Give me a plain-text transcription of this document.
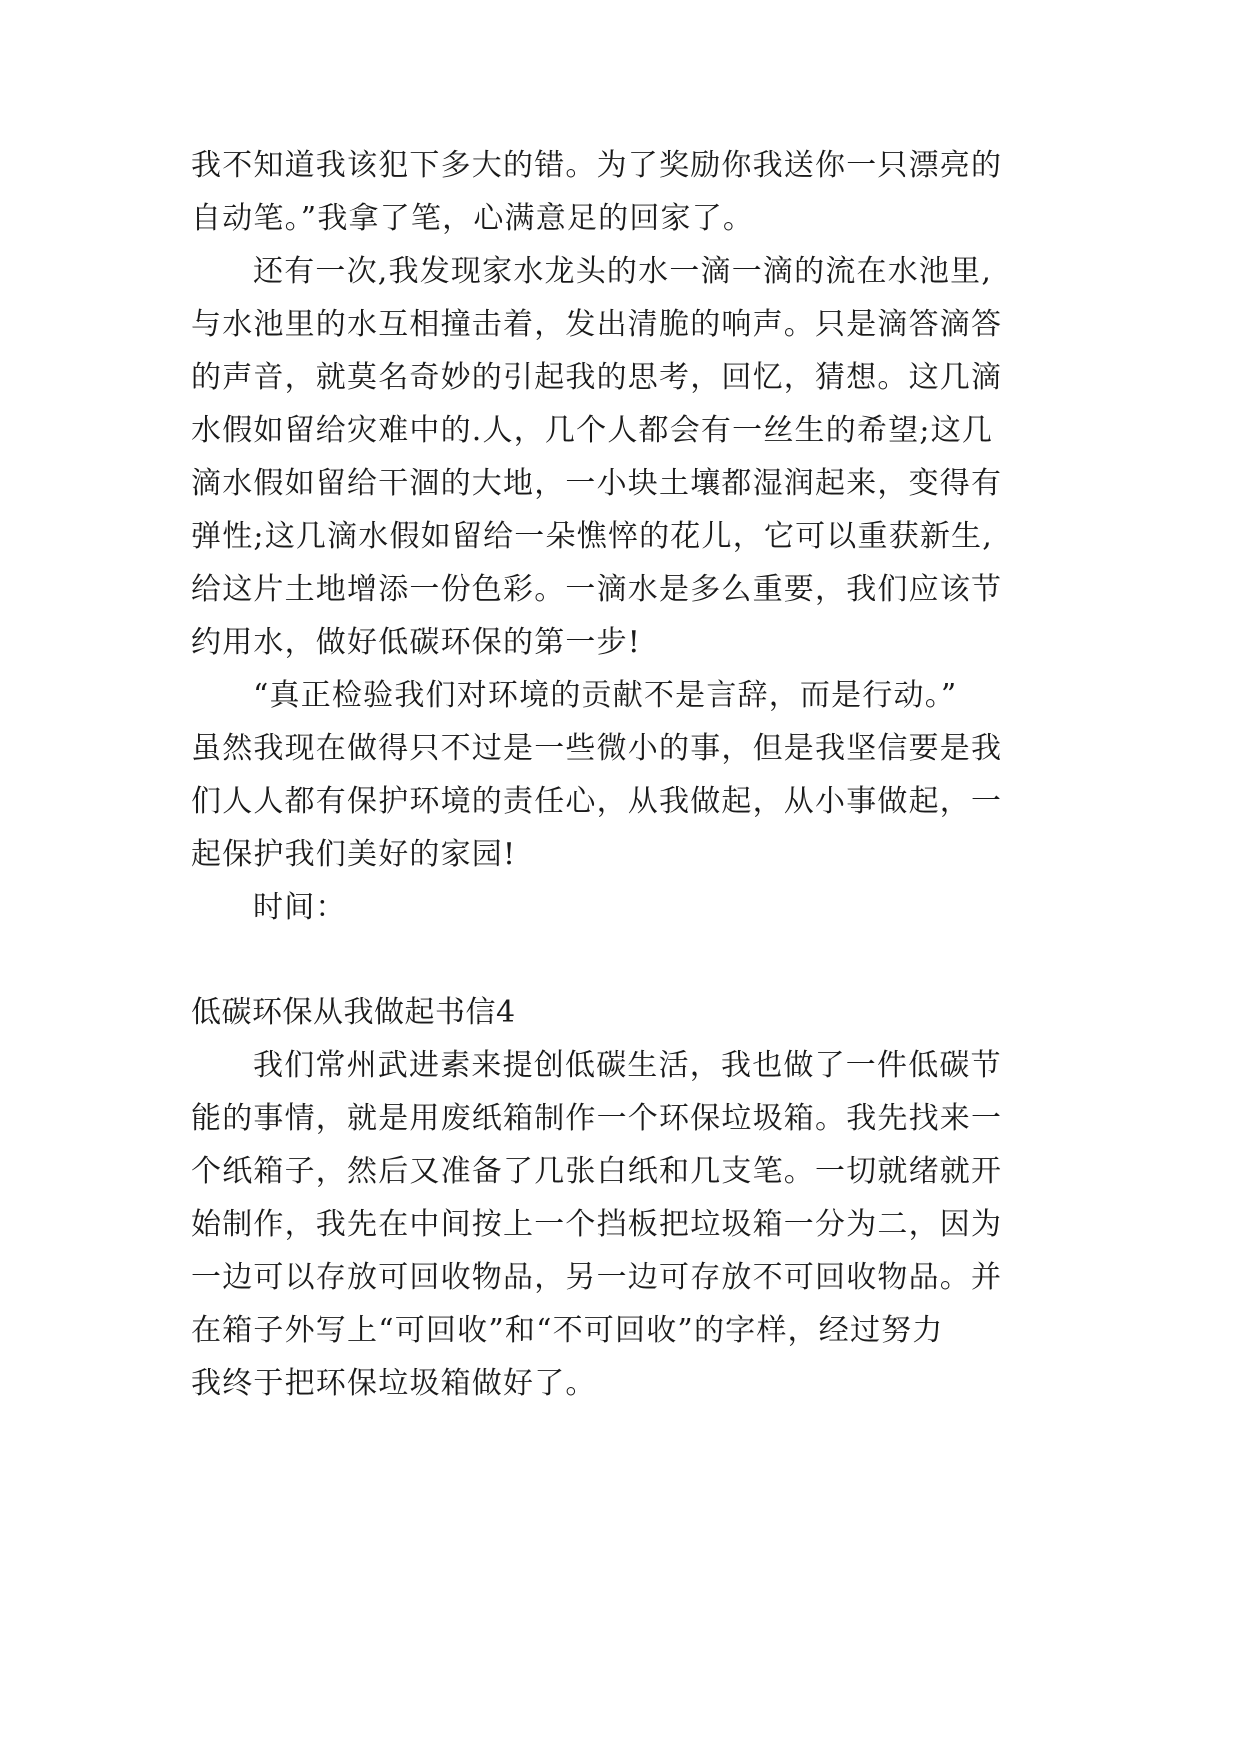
我不知道我该犯下多大的错。为了奖励你我送你一只漂亮的

自动笔。”我拿了笔，心满意足的回家了。

还有一次,我发现家水龙头的水一滴一滴的流在水池里,

与水池里的水互相撞击着，发出清脆的响声。只是滴答滴答

的声音，就莫名奇妙的引起我的思考，回忆，猜想。这几滴

水假如留给灾难中的.人，几个人都会有一丝生的希望;这几

滴水假如留给干涸的大地，一小块土壤都湿润起来，变得有

弹性;这几滴水假如留给一朵憔悴的花儿，它可以重获新生,

给这片土地增添一份色彩。一滴水是多么重要，我们应该节

约用水，做好低碳环保的第一步!

“真正检验我们对环境的贡献不是言辞，而是行动。”

虽然我现在做得只不过是一些微小的事，但是我坚信要是我

们人人都有保护环境的责任心，从我做起，从小事做起，一

起保护我们美好的家园!

时间：

低碳环保从我做起书信4

我们常州武进素来提创低碳生活，我也做了一件低碳节

能的事情，就是用废纸箱制作一个环保垃圾箱。我先找来一

个纸箱子，然后又准备了几张白纸和几支笔。一切就绪就开

始制作，我先在中间按上一个挡板把垃圾箱一分为二，因为

一边可以存放可回收物品，另一边可存放不可回收物品。并

在箱子外写上“可回收”和“不可回收”的字样，经过努力

我终于把环保垃圾箱做好了。
